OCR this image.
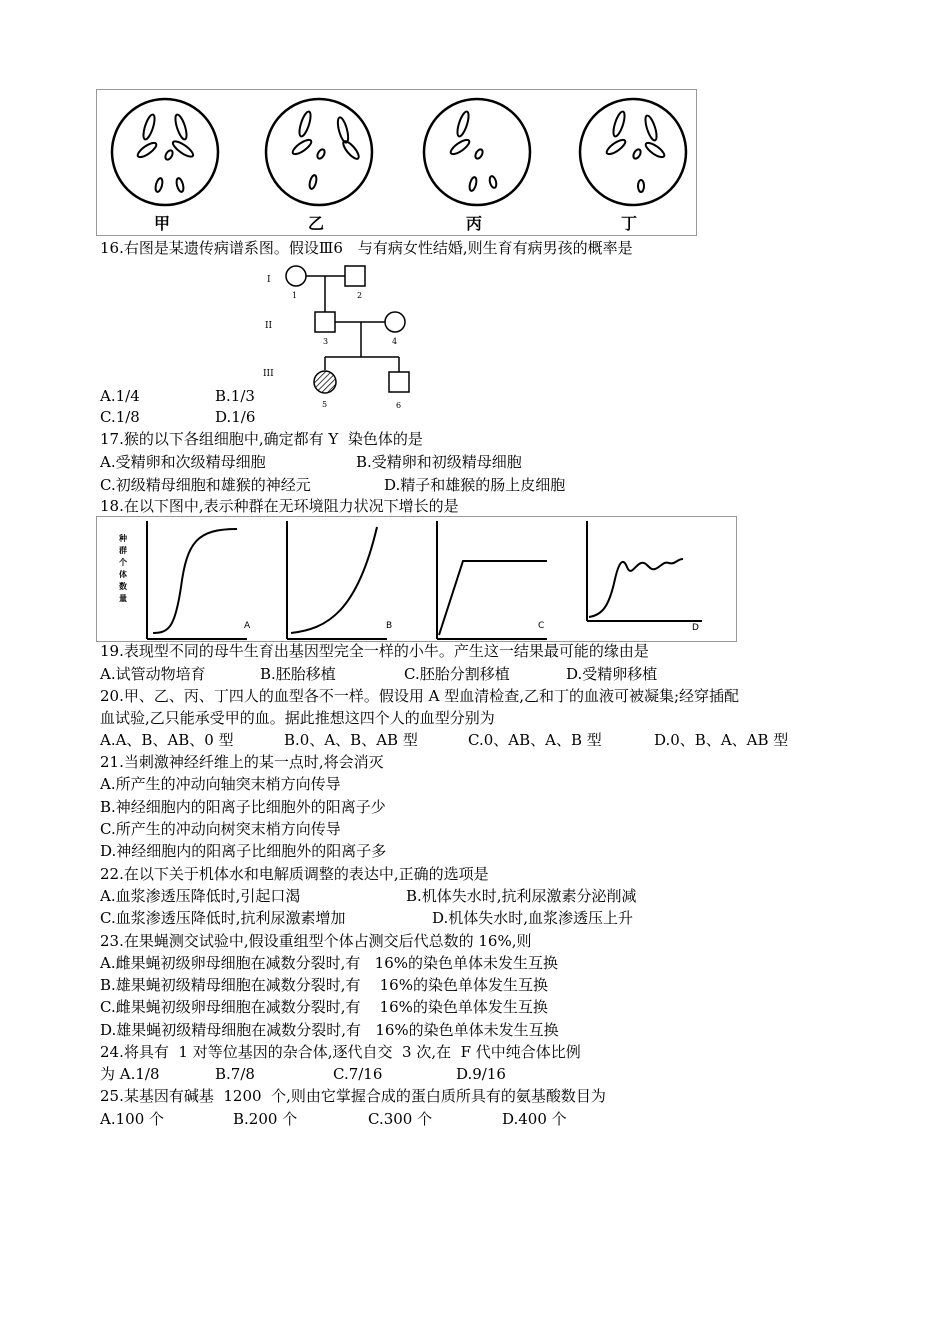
甲	乙	丙	丁
16.右图是某遗传病谱系图。假设Ⅲ6　与有病女性结婚,则生育有病男孩的概率是
I
II
III
1	2
3	4
5	6
A.1/4	B.1/3
C.1/8	D.1/6
17.猴的以下各组细胞中,确定都有 Y  染色体的是
A.受精卵和次级精母细胞	B.受精卵和初级精母细胞
C.初级精母细胞和雄猴的神经元	D.精子和雄猴的肠上皮细胞
18.在以下图中,表示种群在无环境阻力状况下增长的是
种
群
个
体
数
量
A	B	C	D
19.表现型不同的母牛生育出基因型完全一样的小牛。产生这一结果最可能的缘由是
A.试管动物培育	B.胚胎移植	C.胚胎分割移植	D.受精卵移植
20.甲、乙、丙、丁四人的血型各不一样。假设用 A 型血清检查,乙和丁的血液可被凝集;经穿插配
血试验,乙只能承受甲的血。据此推想这四个人的血型分别为
A.A、B、AB、0 型	B.0、A、B、AB 型	C.0、AB、A、B 型	D.0、B、A、AB 型
21.当刺激神经纤维上的某一点时,将会消灭
A.所产生的冲动向轴突末梢方向传导
B.神经细胞内的阳离子比细胞外的阳离子少
C.所产生的冲动向树突末梢方向传导
D.神经细胞内的阳离子比细胞外的阳离子多
22.在以下关于机体水和电解质调整的表达中,正确的选项是
A.血浆渗透压降低时,引起口渴	B.机体失水时,抗利尿激素分泌削减
C.血浆渗透压降低时,抗利尿激素增加	D.机体失水时,血浆渗透压上升
23.在果蝇测交试验中,假设重组型个体占测交后代总数的 16%,则
A.雌果蝇初级卵母细胞在减数分裂时,有   16%的染色单体未发生互换
B.雄果蝇初级精母细胞在减数分裂时,有    16%的染色单体发生互换
C.雌果蝇初级卵母细胞在减数分裂时,有    16%的染色单体发生互换
D.雄果蝇初级精母细胞在减数分裂时,有   16%的染色单体未发生互换
24.将具有  1 对等位基因的杂合体,逐代自交  3 次,在  F 代中纯合体比例
为 A.1/8	B.7/8	C.7/16	D.9/16
25.某基因有碱基  1200  个,则由它掌握合成的蛋白质所具有的氨基酸数目为
A.100 个	B.200 个	C.300 个	D.400 个
